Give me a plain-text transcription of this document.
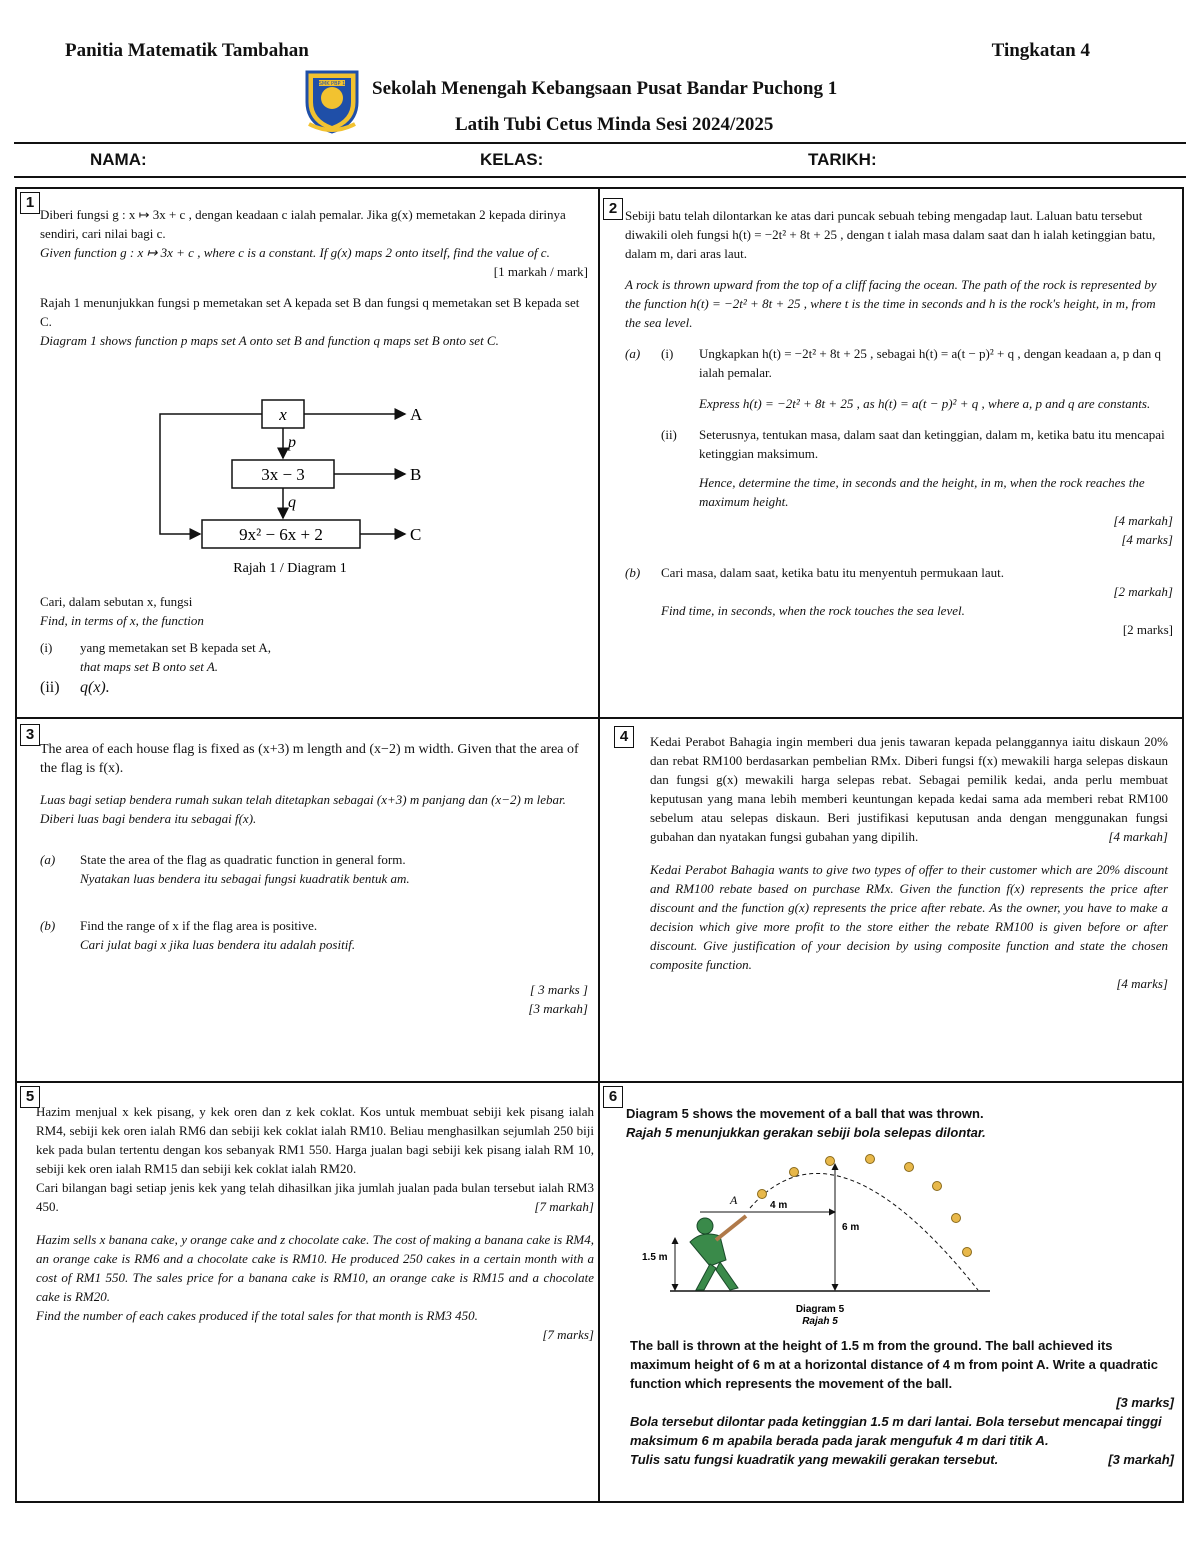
Panitia Matematik Tambahan	Tingkatan 4
SMK PBP 1 Sekolah Menengah Kebangsaan Pusat Bandar Puchong 1
Latih Tubi Cetus Minda Sesi 2024/2025
NAMA:	KELAS:	TARIKH:
1

Diberi fungsi g : x ↦ 3x + c , dengan keadaan c ialah pemalar. Jika g(x) memetakan 2 kepada dirinya sendiri, cari nilai bagi c.

Given function g : x ↦ 3x + c , where c is a constant. If g(x) maps 2 onto itself, find the value of c.

[1 markah / mark]

Rajah 1 menunjukkan fungsi p memetakan set A kepada set B dan fungsi q memetakan set B kepada set C.

Diagram 1 shows function p maps set A onto set B and function q maps set B onto set C.

x
3x − 3
9x² − 6x + 2
p
q
A
B
C
Rajah 1 / Diagram 1

Cari, dalam sebutan x, fungsi

Find, in terms of x, the function

(i)	yang memetakan set B kepada set A,

that maps set B onto set A.

(ii)	q(x).
2 Sebiji batu telah dilontarkan ke atas dari puncak sebuah tebing mengadap laut. Laluan batu tersebut diwakili oleh fungsi h(t) = −2t² + 8t + 25 , dengan t ialah masa dalam saat dan h ialah ketinggian batu, dalam m, dari aras laut.

A rock is thrown upward from the top of a cliff facing the ocean. The path of the rock is represented by the function h(t) = −2t² + 8t + 25 , where t is the time in seconds and h is the rock's height, in m, from the sea level.

(a)	(i)	Ungkapkan h(t) = −2t² + 8t + 25 , sebagai h(t) = a(t − p)² + q , dengan keadaan a, p dan q ialah pemalar.

Express h(t) = −2t² + 8t + 25 , as h(t) = a(t − p)² + q , where a, p and q are constants.

(ii)	Seterusnya, tentukan masa, dalam saat dan ketinggian, dalam m, ketika batu itu mencapai ketinggian maksimum.

Hence, determine the time, in seconds and the height, in m, when the rock reaches the maximum height.

[4 markah]

[4 marks]

(b)	Cari masa, dalam saat, ketika batu itu menyentuh permukaan laut.

[2 markah]

Find time, in seconds, when the rock touches the sea level.

[2 marks]

3

The area of each house flag is fixed as (x+3) m length and (x−2) m width. Given that the area of the flag is f(x).

Luas bagi setiap bendera rumah sukan telah ditetapkan sebagai (x+3) m panjang dan (x−2) m lebar. Diberi luas bagi bendera itu sebagai f(x).

(a)	State the area of the flag as quadratic function in general form.

Nyatakan luas bendera itu sebagai fungsi kuadratik bentuk am.

(b)	Find the range of x if the flag area is positive.

Cari julat bagi x jika luas bendera itu adalah positif.

[ 3 marks ]

[3 markah]

4	Kedai Perabot Bahagia ingin memberi dua jenis tawaran kepada pelanggannya iaitu diskaun 20% dan rebat RM100 berdasarkan pembelian RMx. Diberi fungsi f(x) mewakili harga selepas diskaun dan fungsi g(x) mewakili harga selepas rebat. Sebagai pemilik kedai, anda perlu membuat keputusan yang mana lebih memberi keuntungan kepada kedai sama ada memberi rebat RM100 sebelum atau selepas diskaun. Beri justifikasi keputusan anda dengan menggunakan fungsi gubahan dan nyatakan fungsi gubahan yang dipilih.	[4 markah]

Kedai Perabot Bahagia wants to give two types of offer to their customer which are 20% discount and RM100 rebate based on purchase RMx. Given the function f(x) represents the price after discount and the function g(x) represents the price after rebate. As the owner, you have to make a decision which give more profit to the store either the rebate RM100 is given before or after discount. Give justification of your decision by using composite function and state the chosen composite function.

[4 marks]

5

Hazim menjual x kek pisang, y kek oren dan z kek coklat. Kos untuk membuat sebiji kek pisang ialah RM4, sebiji kek oren ialah RM6 dan sebiji kek coklat ialah RM10. Beliau menghasilkan sejumlah 250 biji kek pada bulan tertentu dengan kos sebanyak RM1 550. Harga jualan bagi sebiji kek pisang ialah RM 10, sebiji kek oren ialah RM15 dan sebiji kek coklat ialah RM20.

Cari bilangan bagi setiap jenis kek yang telah dihasilkan jika jumlah jualan pada bulan tersebut ialah RM3 450.	[7 markah]

Hazim sells x banana cake, y orange cake and z chocolate cake. The cost of making a banana cake is RM4, an orange cake is RM6 and a chocolate cake is RM10. He produced 250 cakes in a certain month with a cost of RM1 550. The sales price for a banana cake is RM10, an orange cake is RM15 and a chocolate cake is RM20.

Find the number of each cakes produced if the total sales for that month is RM3 450.

[7 marks]

6

Diagram 5 shows the movement of a ball that was thrown.

Rajah 5 menunjukkan gerakan sebiji bola selepas dilontar.

A	4 m
6 m
1.5 m
Diagram 5
Rajah 5

The ball is thrown at the height of 1.5 m from the ground. The ball achieved its maximum height of 6 m at a horizontal distance of 4 m from point A. Write a quadratic function which represents the movement of the ball.

[3 marks]

Bola tersebut dilontar pada ketinggian 1.5 m dari lantai. Bola tersebut mencapai tinggi maksimum 6 m apabila berada pada jarak mengufuk 4 m dari titik A.

Tulis satu fungsi kuadratik yang mewakili gerakan tersebut.	[3 markah]
